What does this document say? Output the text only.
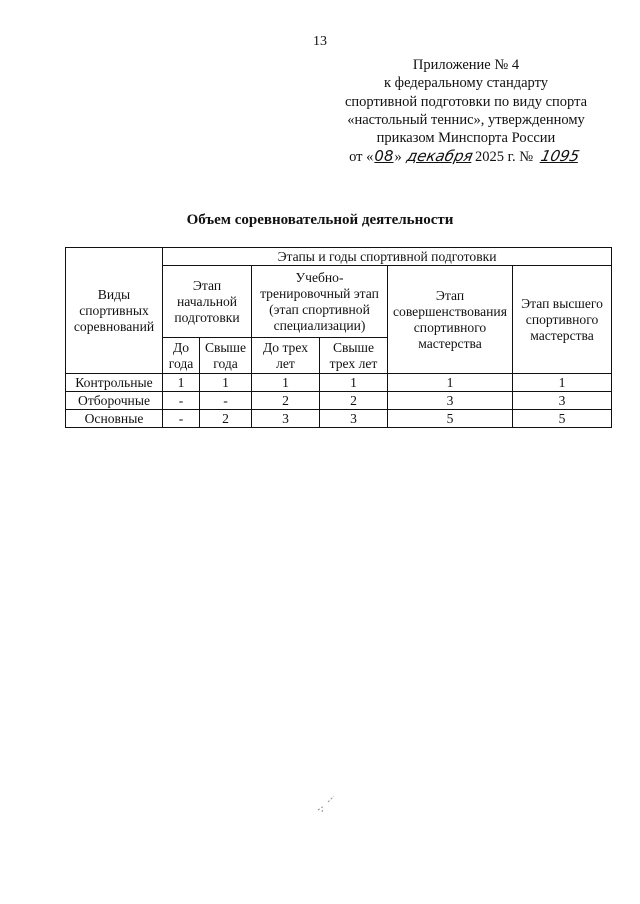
13
Приложение № 4
к федеральному стандарту
спортивной подготовки по виду спорта
«настольный теннис», утвержденному
приказом Минспорта России
от «08» декабря2025 г. № 1095
Объем соревновательной деятельности
Виды спортивных соревнований	Этапы и годы спортивной подготовки					
	Этап начальной подготовки		Учебно-тренировочный этап (этап спортивной специализации)		Этап совершенствования спортивного мастерства	Этап высшего спортивного мастерства
	До года	Свыше года	До трех лет	Свыше трех лет		
Контрольные	1	1	1	1	1	1
Отборочные	-	-	2	2	3	3
Основные	-	2	3	3	5	5
